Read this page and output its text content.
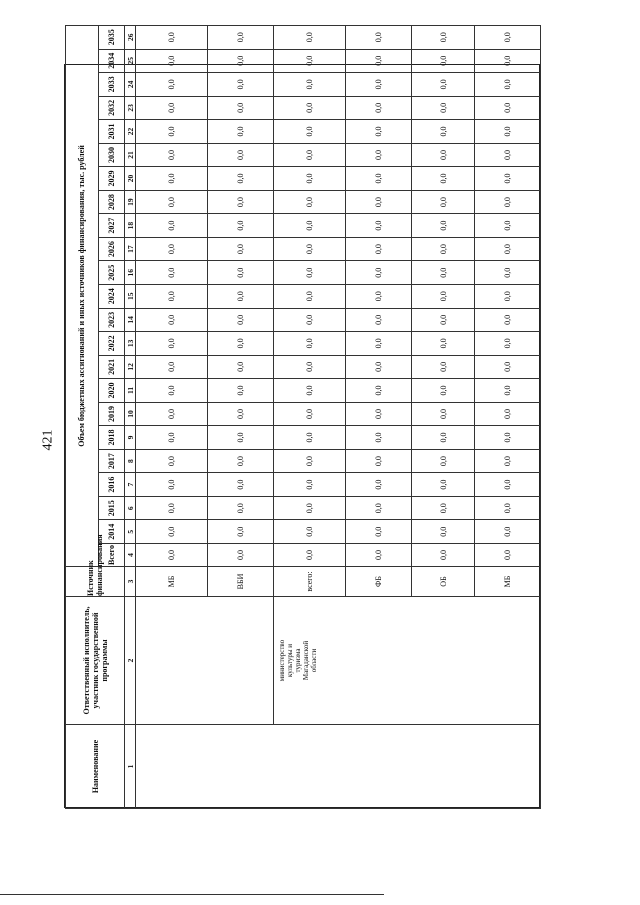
421
Наименование	Ответственный исполнитель, участник государственной программы	Источник финансирования	Объем бюджетных ассигнований и иных источников финансирования, тыс. рублей																						
			Всего	2014	2015	2016	2017	2018	2019	2020	2021	2022	2023	2024	2025	2026	2027	2028	2029	2030	2031	2032	2033	2034	2035
1	2	3	4	5	6	7	8	9	10	11	12	13	14	15	16	17	18	19	20	21	22	23	24	25	26
		МБ	0,0	0,0	0,0	0,0	0,0	0,0	0,0	0,0	0,0	0,0	0,0	0,0	0,0	0,0	0,0	0,0	0,0	0,0	0,0	0,0	0,0	0,0	0,0
		ВБИ	0,0	0,0	0,0	0,0	0,0	0,0	0,0	0,0	0,0	0,0	0,0	0,0	0,0	0,0	0,0	0,0	0,0	0,0	0,0	0,0	0,0	0,0	0,0

	министерство культуры и туризма Магаданской области	всего:	0,0	0,0	0,0	0,0	0,0	0,0	0,0	0,0	0,0	0,0	0,0	0,0	0,0	0,0	0,0	0,0	0,0	0,0	0,0	0,0	0,0	0,0	0,0
		ФБ	0,0	0,0	0,0	0,0	0,0	0,0	0,0	0,0	0,0	0,0	0,0	0,0	0,0	0,0	0,0	0,0	0,0	0,0	0,0	0,0	0,0	0,0	0,0
		ОБ	0,0	0,0	0,0	0,0	0,0	0,0	0,0	0,0	0,0	0,0	0,0	0,0	0,0	0,0	0,0	0,0	0,0	0,0	0,0	0,0	0,0	0,0	0,0
		МБ	0,0	0,0	0,0	0,0	0,0	0,0	0,0	0,0	0,0	0,0	0,0	0,0	0,0	0,0	0,0	0,0	0,0	0,0	0,0	0,0	0,0	0,0	0,0
